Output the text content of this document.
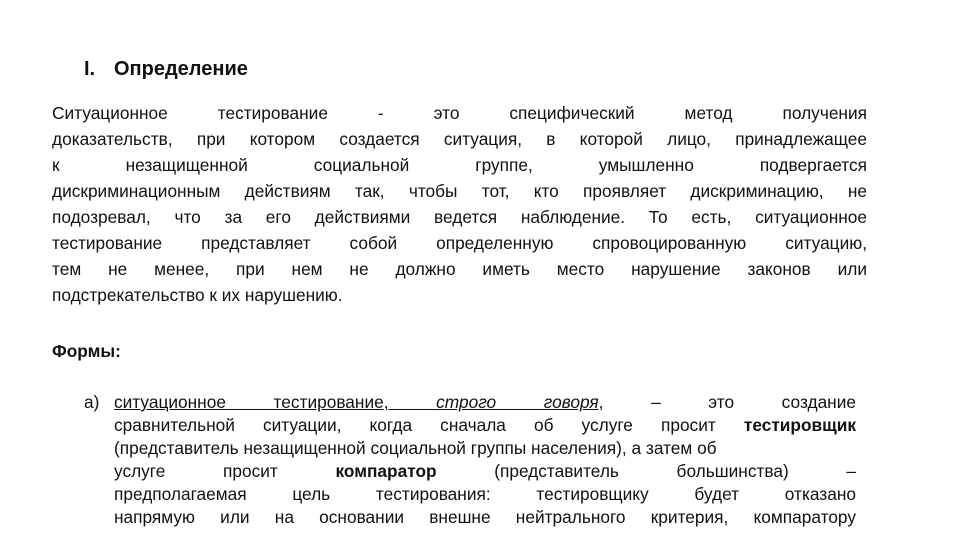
I. Определение
Ситуационное тестирование - это специфический метод получения
доказательств, при котором создается ситуация, в которой лицо, принадлежащее
к незащищенной социальной группе, умышленно подвергается
дискриминационным действиям так, чтобы тот, кто проявляет дискриминацию, не
подозревал, что за его действиями ведется наблюдение. То есть, ситуационное
тестирование представляет собой определенную спровоцированную ситуацию,
тем не менее, при нем не должно иметь место нарушение законов или
подстрекательство к их нарушению.
Формы:
а) ситуационное тестирование,	строго говоря,	– это создание
сравнительной ситуации, когда сначала об услуге просит тестировщик
(представитель незащищенной социальной группы населения), а затем об
услуге просит	компаратор	(представитель большинства) –
предполагаемая цель тестирования: тестировщику будет отказано
напрямую или на основании внешне нейтрального критерия, компаратору
